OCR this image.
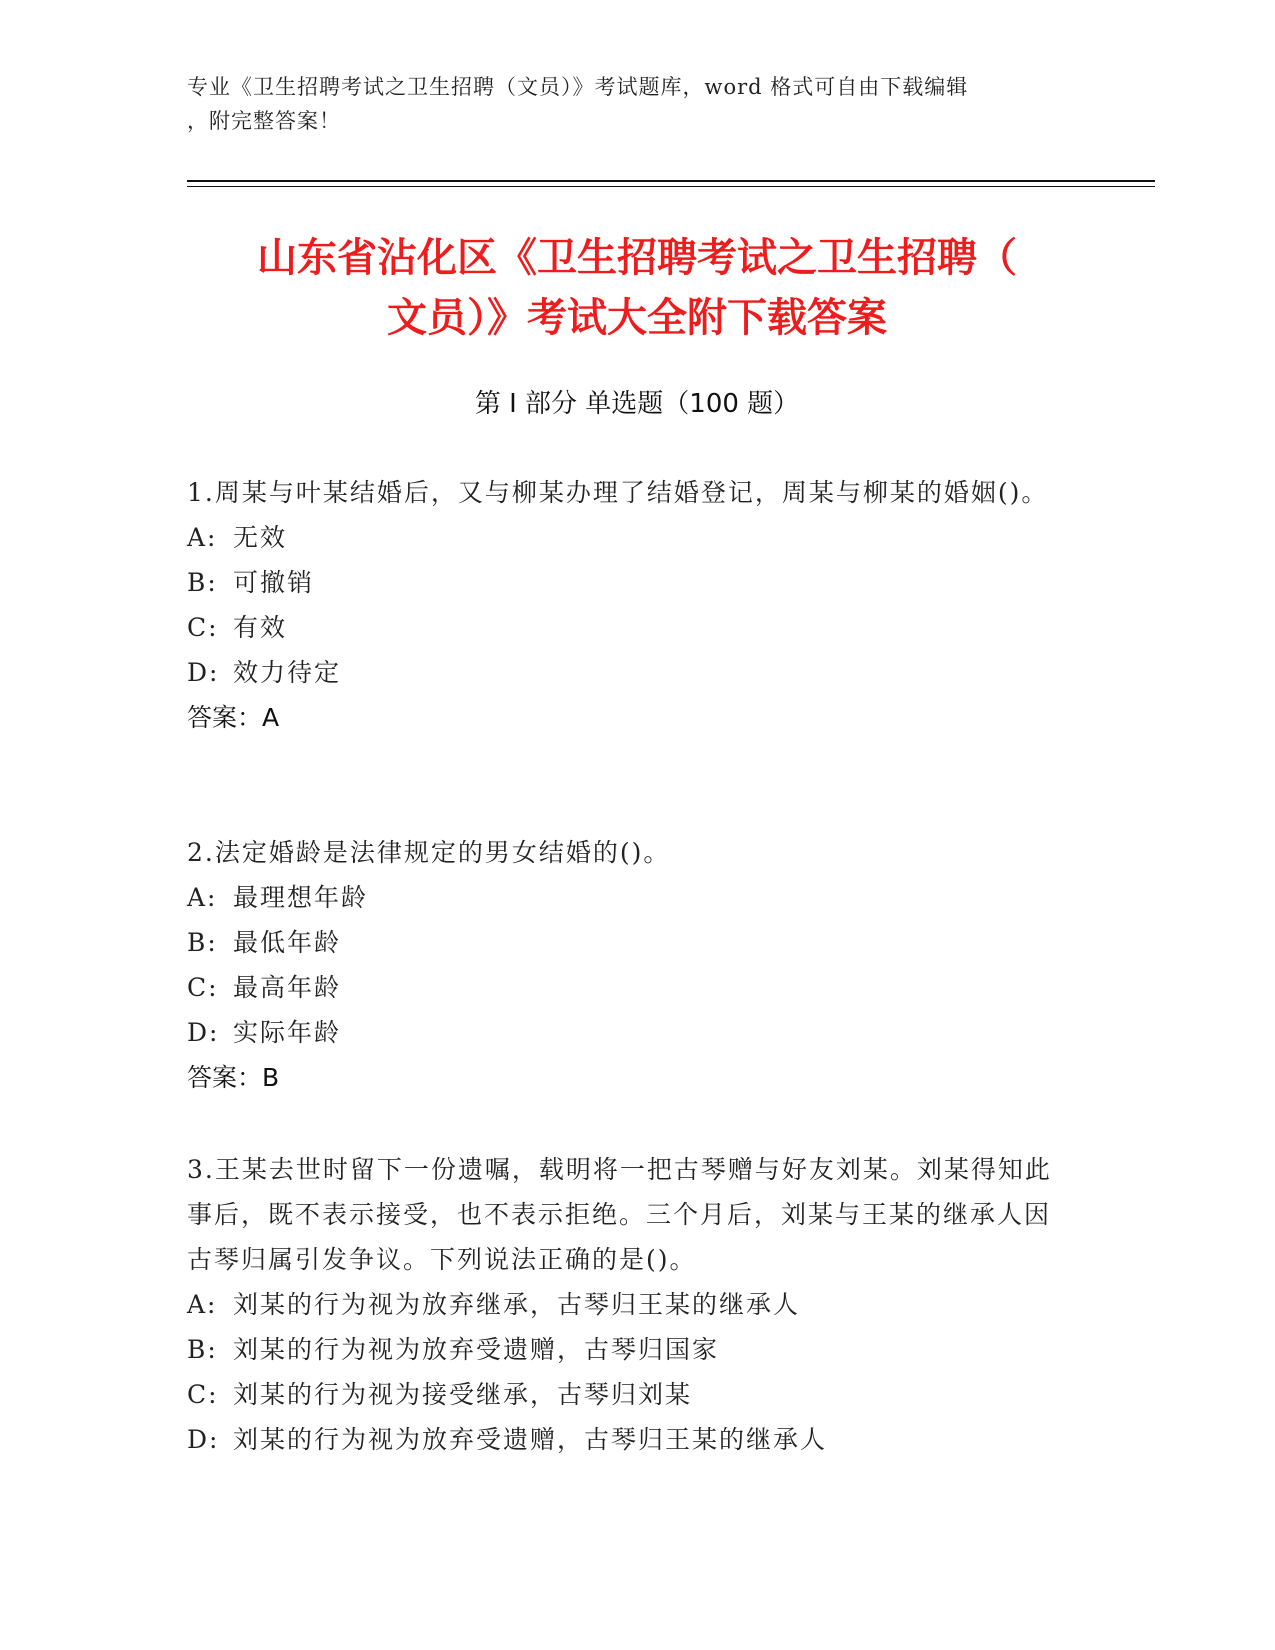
专业《卫生招聘考试之卫生招聘（文员）》考试题库，word 格式可自由下载编辑
，附完整答案！
山东省沾化区《卫生招聘考试之卫生招聘（
文员）》考试大全附下载答案
第 I 部分 单选题（100 题）
1.周某与叶某结婚后，又与柳某办理了结婚登记，周某与柳某的婚姻()。
A: 无效
B: 可撤销
C: 有效
D: 效力待定
答案：A
2.法定婚龄是法律规定的男女结婚的()。
A: 最理想年龄
B: 最低年龄
C: 最高年龄
D: 实际年龄
答案：B
3.王某去世时留下一份遗嘱，载明将一把古琴赠与好友刘某。刘某得知此事后，既不表示接受，也不表示拒绝。三个月后，刘某与王某的继承人因古琴归属引发争议。下列说法正确的是()。
A: 刘某的行为视为放弃继承，古琴归王某的继承人
B: 刘某的行为视为放弃受遗赠，古琴归国家
C: 刘某的行为视为接受继承，古琴归刘某
D: 刘某的行为视为放弃受遗赠，古琴归王某的继承人
